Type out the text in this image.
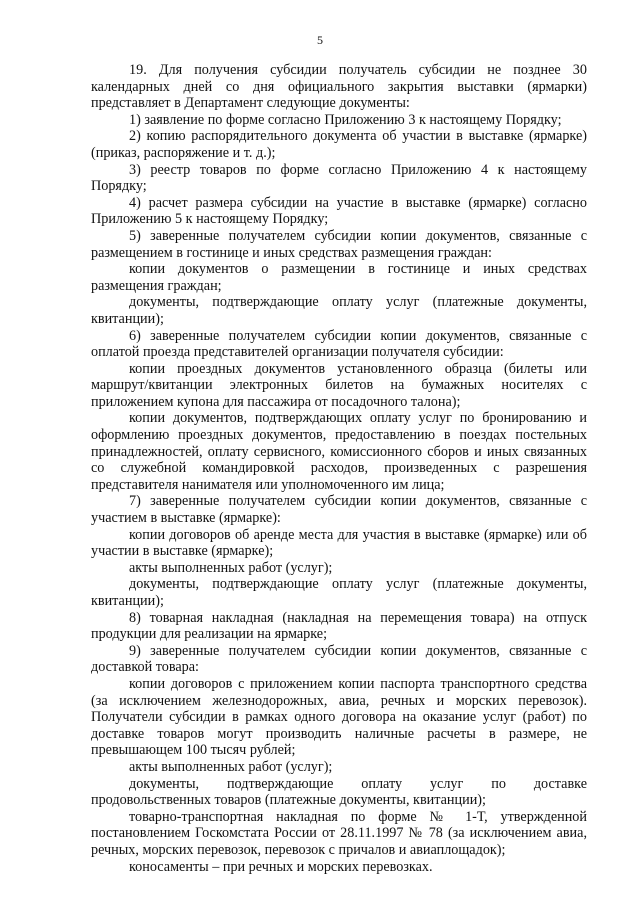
5

19. Для получения субсидии получатель субсидии не позднее 30 календарных дней со дня официального закрытия выставки (ярмарки) представляет в Департамент следующие документы:

1) заявление по форме согласно Приложению 3 к настоящему Порядку;

2) копию распорядительного документа об участии в выставке (ярмарке) (приказ, распоряжение и т. д.);

3) реестр товаров по форме согласно Приложению 4 к настоящему Порядку;

4) расчет размера субсидии на участие в выставке (ярмарке) согласно Приложению 5 к настоящему Порядку;

5) заверенные получателем субсидии копии документов, связанные с размещением в гостинице и иных средствах размещения граждан:

копии документов о размещении в гостинице и иных средствах размещения граждан;

документы, подтверждающие оплату услуг (платежные документы, квитанции);

6) заверенные получателем субсидии копии документов, связанные с оплатой проезда представителей организации получателя субсидии:

копии проездных документов установленного образца (билеты или маршрут/квитанции электронных билетов на бумажных носителях с приложением купона для пассажира от посадочного талона);

копии документов, подтверждающих оплату услуг по бронированию и оформлению проездных документов, предоставлению в поездах постельных принадлежностей, оплату сервисного, комиссионного сборов и иных связанных со служебной командировкой расходов, произведенных с разрешения представителя нанимателя или уполномоченного им лица;

7) заверенные получателем субсидии копии документов, связанные с участием в выставке (ярмарке):

копии договоров об аренде места для участия в выставке (ярмарке) или об участии в выставке (ярмарке);

акты выполненных работ (услуг);

документы, подтверждающие оплату услуг (платежные документы, квитанции);

8) товарная накладная (накладная на перемещения товара) на отпуск продукции для реализации на ярмарке;

9) заверенные получателем субсидии копии документов, связанные с доставкой товара:

копии договоров с приложением копии паспорта транспортного средства (за исключением железнодорожных, авиа, речных и морских перевозок). Получатели субсидии в рамках одного договора на оказание услуг (работ) по доставке товаров могут производить наличные расчеты в размере, не превышающем 100 тысяч рублей;

акты выполненных работ (услуг);

документы, подтверждающие оплату услуг по доставке продовольственных товаров (платежные документы, квитанции);

товарно-транспортная накладная по форме № 1-Т, утвержденной постановлением Госкомстата России от 28.11.1997 № 78 (за исключением авиа, речных, морских перевозок, перевозок с причалов и авиаплощадок);

коносаменты – при речных и морских перевозках.
